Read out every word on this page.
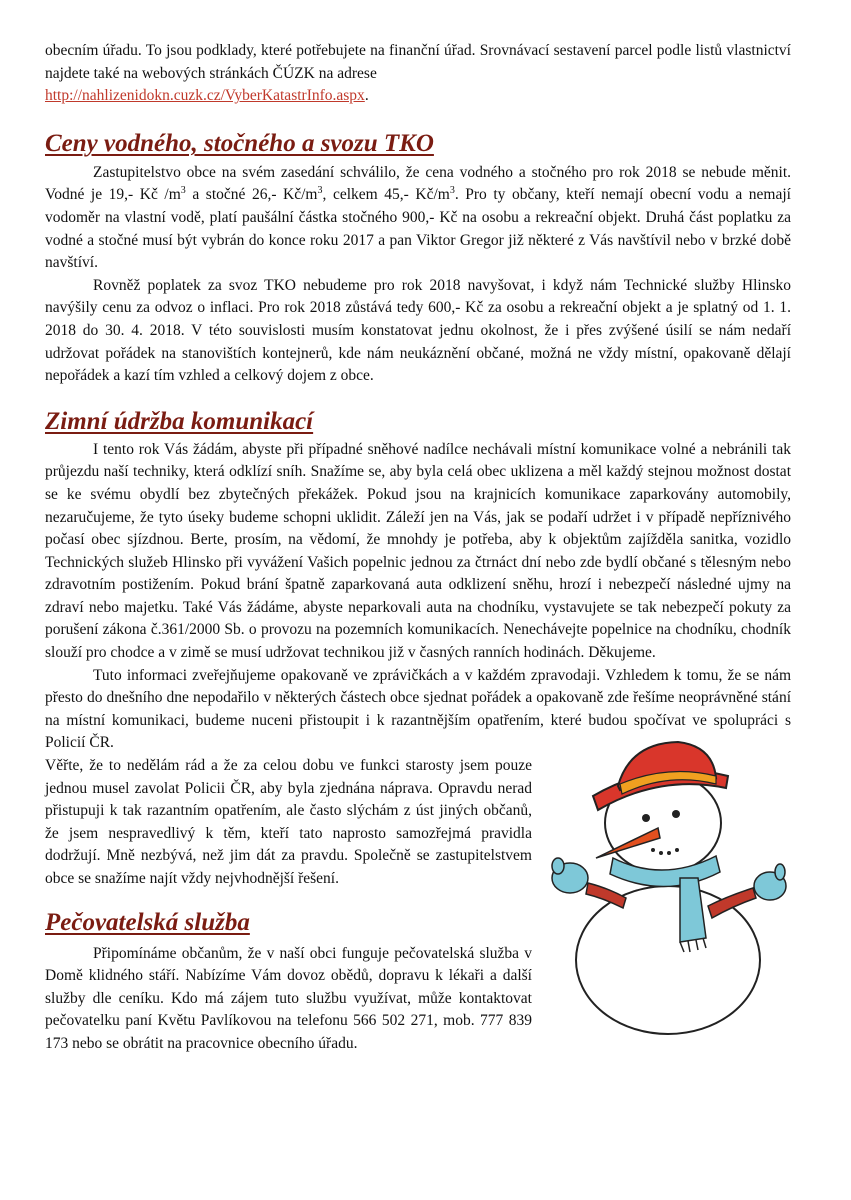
obecním úřadu. To jsou podklady, které potřebujete na finanční úřad. Srovnávací sestavení parcel podle listů vlastnictví najdete také na webových stránkách ČÚZK na adrese
http://nahlizenidokn.cuzk.cz/VyberKatastrInfo.aspx.

Ceny vodného, stočného a svozu TKO

Zastupitelstvo obce na svém zasedání schválilo, že cena vodného a stočného pro rok 2018 se nebude měnit. Vodné je 19,- Kč $/m^3$ a stočné 26,- $Kč/m^3$, celkem 45,- $Kč/m^3$. Pro ty občany, kteří nemají obecní vodu a nemají vodoměr na vlastní vodě, platí paušální částka stočného 900,- Kč na osobu a rekreační objekt. Druhá část poplatku za vodné a stočné musí být vybrán do konce roku 2017 a pan Viktor Gregor již některé z Vás navštívil nebo v brzké době navštíví.

Rovněž poplatek za svoz TKO nebudeme pro rok 2018 navyšovat, i když nám Technické služby Hlinsko navýšily cenu za odvoz o inflaci. Pro rok 2018 zůstává tedy 600,- Kč za osobu a rekreační objekt a je splatný od 1. 1. 2018 do 30. 4. 2018. V této souvislosti musím konstatovat jednu okolnost, že i přes zvýšené úsilí se nám nedaří udržovat pořádek na stanovištích kontejnerů, kde nám neukáznění občané, možná ne vždy místní, opakovaně dělají nepořádek a kazí tím vzhled a celkový dojem z obce.

Zimní údržba komunikací

I tento rok Vás žádám, abyste při případné sněhové nadílce nechávali místní komunikace volné a nebránili tak průjezdu naší techniky, která odklízí sníh. Snažíme se, aby byla celá obec uklizena a měl každý stejnou možnost dostat se ke svému obydlí bez zbytečných překážek. Pokud jsou na krajnicích komunikace zaparkovány automobily, nezaručujeme, že tyto úseky budeme schopni uklidit. Záleží jen na Vás, jak se podaří udržet i v případě nepříznivého počasí obec sjízdnou. Berte, prosím, na vědomí, že mnohdy je potřeba, aby k objektům zajížděla sanitka, vozidlo Technických služeb Hlinsko při vyvážení Vašich popelnic jednou za čtrnáct dní nebo zde bydlí občané s tělesným nebo zdravotním postižením. Pokud brání špatně zaparkovaná auta odklizení sněhu, hrozí i nebezpečí následné ujmy na zdraví nebo majetku. Také Vás žádáme, abyste neparkovali auta na chodníku, vystavujete se tak nebezpečí pokuty za porušení zákona č.361/2000 Sb. o provozu na pozemních komunikacích. Nenechávejte popelnice na chodníku, chodník slouží pro chodce a v zimě se musí udržovat technikou již v časných ranních hodinách. Děkujeme.

Tuto informaci zveřejňujeme opakovaně ve zprávičkách a v každém zpravodaji. Vzhledem k tomu, že se nám přesto do dnešního dne nepodařilo v některých částech obce sjednat pořádek a opakovaně zde řešíme neoprávněné stání na místní komunikaci, budeme nuceni přistoupit i k razantnějším opatřením, které budou spočívat ve spolupráci s Policií ČR.

Věřte, že to nedělám rád a že za celou dobu ve funkci starosty jsem pouze jednou musel zavolat Policii ČR, aby byla zjednána náprava. Opravdu nerad přistupuji k tak razantním opatřením, ale často slýchám z úst jiných občanů, že jsem nespravedlivý k těm, kteří tato naprosto samozřejmá pravidla dodržují. Mně nezbývá, než jim dát za pravdu. Společně se zastupitelstvem obce se snažíme najít vždy nejvhodnější řešení.

Pečovatelská služba

Připomínáme občanům, že v naší obci funguje pečovatelská služba v Domě klidného stáří. Nabízíme Vám dovoz obědů, dopravu k lékaři a další služby dle ceníku. Kdo má zájem tuto službu využívat, může kontaktovat pečovatelku paní Květu Pavlíkovou na telefonu 566 502 271, mob. 777 839 173 nebo se obrátit na pracovnice obecního úřadu.
